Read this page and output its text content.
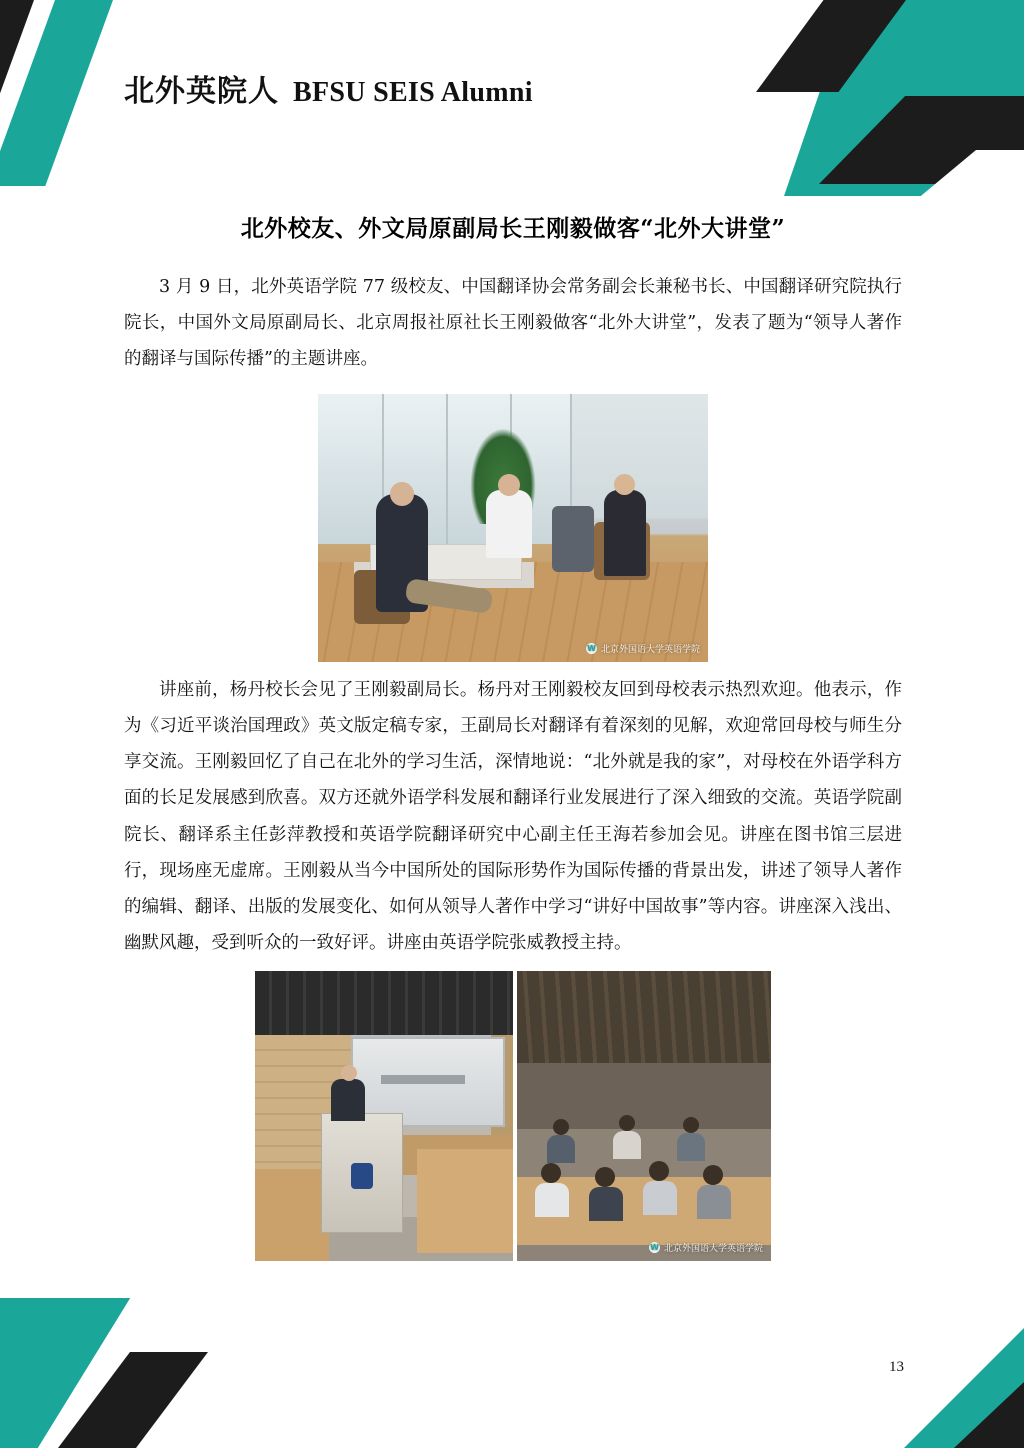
北外英院人 BFSU SEIS Alumni
北外校友、外文局原副局长王刚毅做客“北外大讲堂”

3 月 9 日，北外英语学院 77 级校友、中国翻译协会常务副会长兼秘书长、中国翻译研究院执行院长，中国外文局原副局长、北京周报社原社长王刚毅做客“北外大讲堂”，发表了题为“领导人著作的翻译与国际传播”的主题讲座。

W 北京外国语大学英语学院

讲座前，杨丹校长会见了王刚毅副局长。杨丹对王刚毅校友回到母校表示热烈欢迎。他表示，作为《习近平谈治国理政》英文版定稿专家，王副局长对翻译有着深刻的见解，欢迎常回母校与师生分享交流。王刚毅回忆了自己在北外的学习生活，深情地说：“北外就是我的家”，对母校在外语学科方面的长足发展感到欣喜。双方还就外语学科发展和翻译行业发展进行了深入细致的交流。英语学院副院长、翻译系主任彭萍教授和英语学院翻译研究中心副主任王海若参加会见。讲座在图书馆三层进行，现场座无虚席。王刚毅从当今中国所处的国际形势作为国际传播的背景出发，讲述了领导人著作的编辑、翻译、出版的发展变化、如何从领导人著作中学习“讲好中国故事”等内容。讲座深入浅出、幽默风趣，受到听众的一致好评。讲座由英语学院张威教授主持。

W 北京外国语大学英语学院
13
